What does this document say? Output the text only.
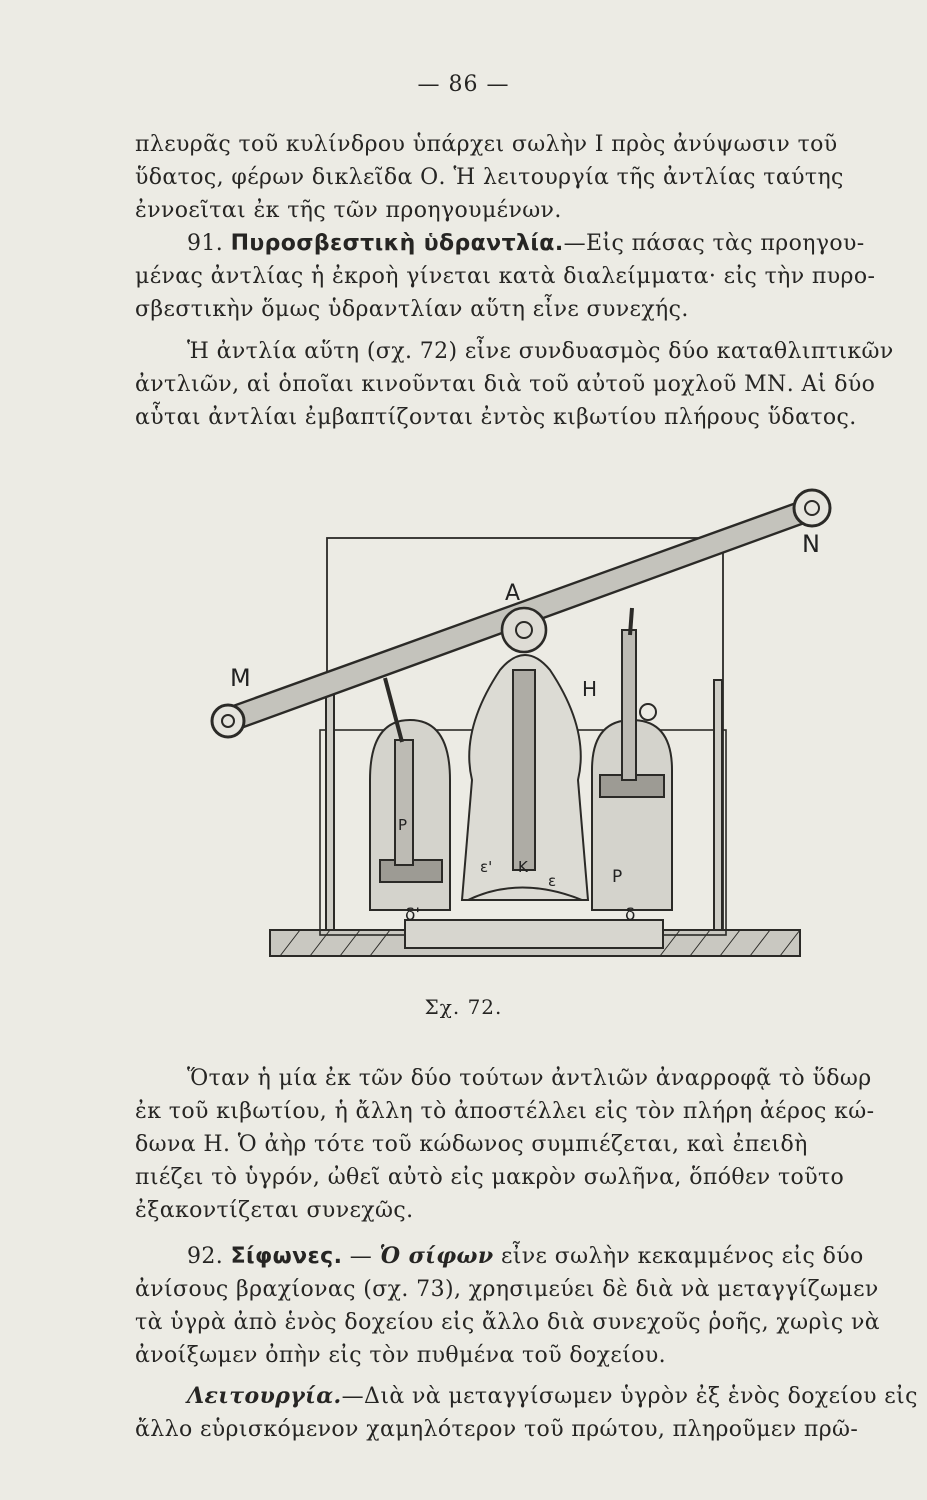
— 86 —
πλευρᾶς τοῦ κυλίνδρου ὑπάρχει σωλὴν Ι πρὸς ἀνύψωσιν τοῦ
ὕδατος, φέρων δικλεῖδα Ο. Ἡ λειτουργία τῆς ἀντλίας ταύτης
ἐννοεῖται ἐκ τῆς τῶν προηγουμένων.
91. Πυροσβεστικὴ ὑδραντλία.—Εἰς πάσας τὰς προηγου-
μένας ἀντλίας ἡ ἐκροὴ γίνεται κατὰ διαλείμματα· εἰς τὴν πυρο-
σβεστικὴν ὅμως ὑδραντλίαν αὕτη εἶνε συνεχής.
Ἡ ἀντλία αὕτη (σχ. 72) εἶνε συνδυασμὸς δύο καταθλιπτικῶν
ἀντλιῶν, αἱ ὁποῖαι κινοῦνται διὰ τοῦ αὐτοῦ μοχλοῦ ΜΝ. Αἱ δύο
αὗται ἀντλίαι ἐμβαπτίζονται ἐντὸς κιβωτίου πλήρους ὕδατος.
A
N
M	H
K
P
P
ε'
ε
δ'	δ
Σχ. 72.
Ὅταν ἡ μία ἐκ τῶν δύο τούτων ἀντλιῶν ἀναρροφᾷ τὸ ὕδωρ
ἐκ τοῦ κιβωτίου, ἡ ἄλλη τὸ ἀποστέλλει εἰς τὸν πλήρη ἀέρος κώ-
δωνα Η. Ὁ ἀὴρ τότε τοῦ κώδωνος συμπιέζεται, καὶ ἐπειδὴ
πιέζει τὸ ὑγρόν, ὠθεῖ αὐτὸ εἰς μακρὸν σωλῆνα, ὅπόθεν τοῦτο
ἐξακοντίζεται συνεχῶς.
92. Σίφωνες. — Ὁ σίφων εἶνε σωλὴν κεκαμμένος εἰς δύο
ἀνίσους βραχίονας (σχ. 73), χρησιμεύει δὲ διὰ νὰ μεταγγίζωμεν
τὰ ὑγρὰ ἀπὸ ἑνὸς δοχείου εἰς ἄλλο διὰ συνεχοῦς ῥοῆς, χωρὶς νὰ
ἀνοίξωμεν ὀπὴν εἰς τὸν πυθμένα τοῦ δοχείου.
Λειτουργία.—Διὰ νὰ μεταγγίσωμεν ὑγρὸν ἐξ ἑνὸς δοχείου εἰς
ἄλλο εὑρισκόμενον χαμηλότερον τοῦ πρώτου, πληροῦμεν πρῶ-
